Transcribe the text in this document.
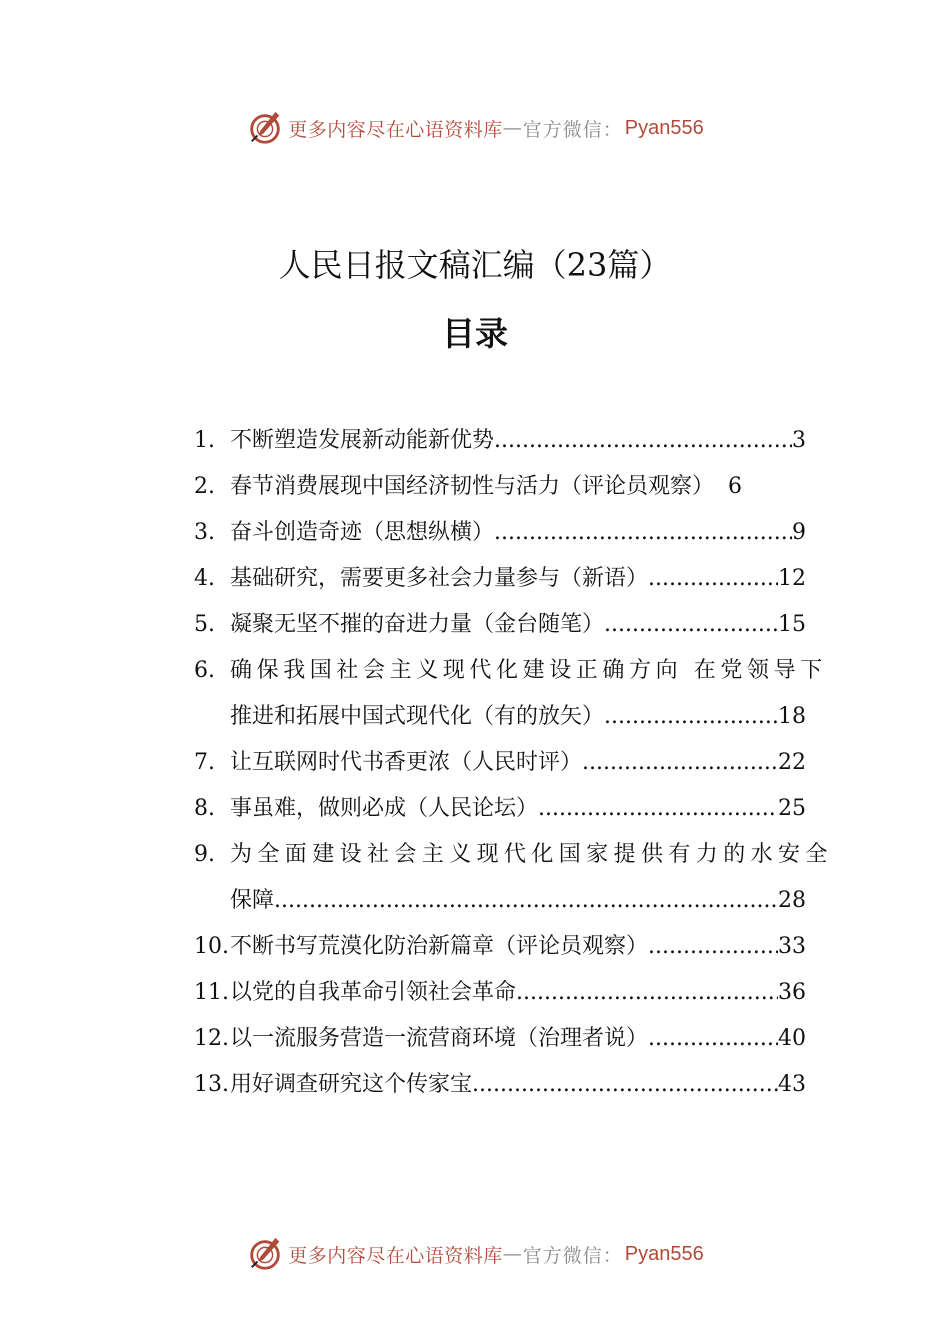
更多内容尽在心语资料库 — 官方微信： Pyan556
人民日报文稿汇编（23篇）
目录
1. 不断塑造发展新动能新优势 .....	3
2. 春节消费展现中国经济韧性与活力（评论员观察） 6
3. 奋斗创造奇迹（思想纵横） .....	9
4. 基础研究，需要更多社会力量参与（新语） .....	12
5. 凝聚无坚不摧的奋进力量（金台随笔） .....	15
6. 确保我国社会主义现代化建设正确方向 在党领导下
推进和拓展中国式现代化（有的放矢） .....	18
7. 让互联网时代书香更浓（人民时评） .....	22
8. 事虽难，做则必成（人民论坛） .....	25
9. 为全面建设社会主义现代化国家提供有力的水安全
保障 .....	28
10. 不断书写荒漠化防治新篇章（评论员观察） .....	33
11. 以党的自我革命引领社会革命 .....	36
12. 以一流服务营造一流营商环境（治理者说） .....	40
13. 用好调查研究这个传家宝 .....	43
更多内容尽在心语资料库 — 官方微信： Pyan556
